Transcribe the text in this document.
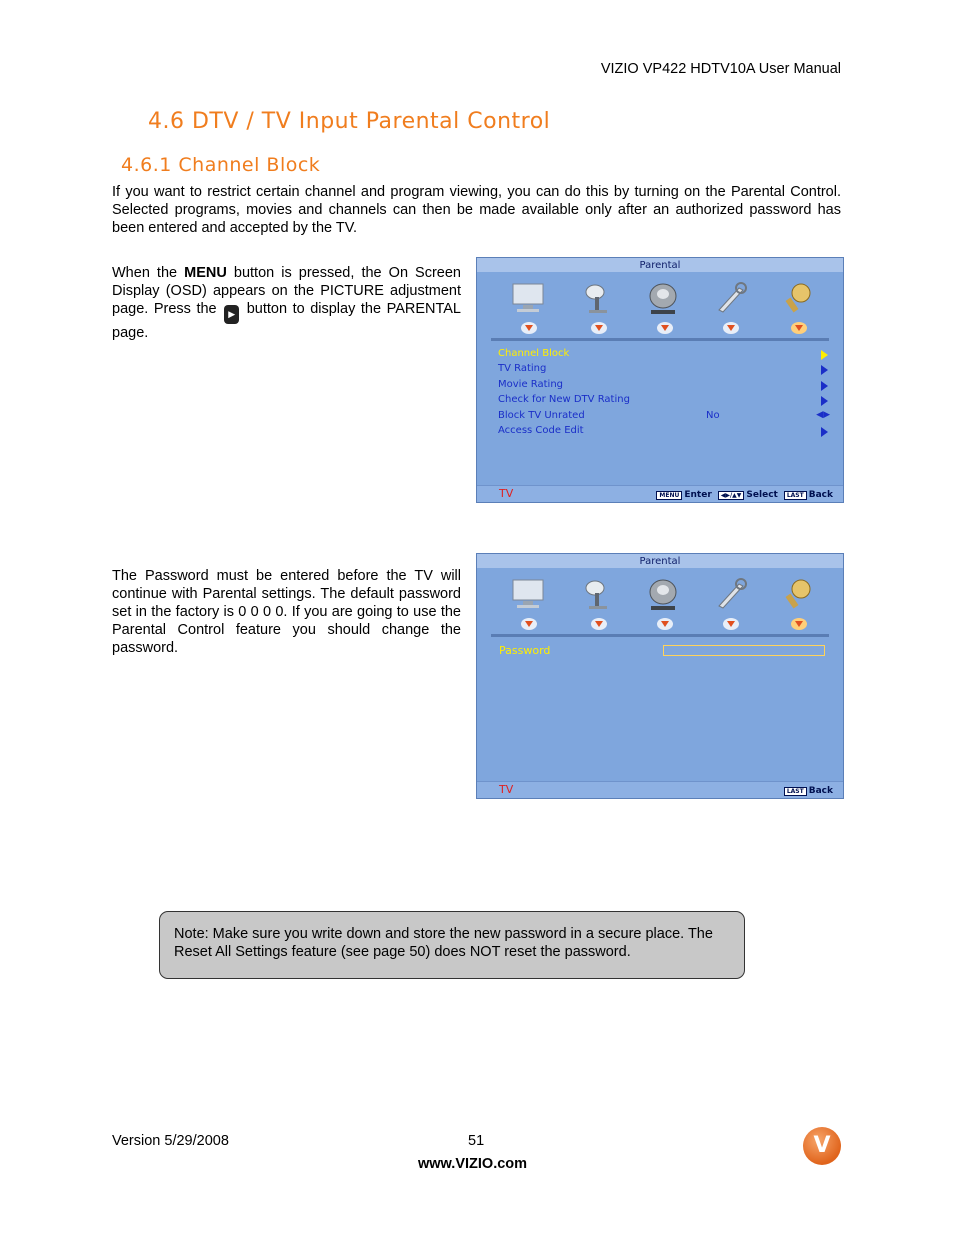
VIZIO VP422 HDTV10A User Manual
4.6 DTV / TV Input Parental Control
4.6.1 Channel Block
If you want to restrict certain channel and program viewing, you can do this by turning on the Parental Control. Selected programs, movies and channels can then be made available only after an authorized password has been entered and accepted by the TV.
When the MENU button is pressed, the On Screen Display (OSD) appears on the PICTURE adjustment page. Press the ▶ button to display the PARENTAL page.
Parental
Channel Block
TV Rating
Movie Rating
Check for New DTV Rating
Block TV Unrated	No	◀▶
Access Code Edit
TV	MENU Enter	◀▶/▲▼ Select	LAST Back
The Password must be entered before the TV will continue with Parental settings. The default password set in the factory is 0 0 0 0. If you are going to use the Parental Control feature you should change the password.
Parental
Password
TV	LAST Back
Note: Make sure you write down and store the new password in a secure place. The Reset All Settings feature (see page 50) does NOT reset the password.
Version 5/29/2008	51
www.VIZIO.com
V
